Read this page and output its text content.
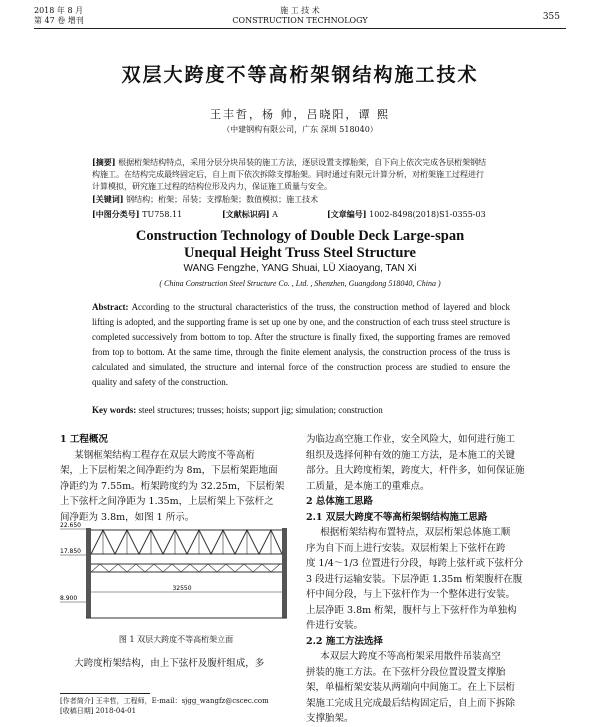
2018 年 8 月
第 47 卷 增刊
施 工 技 术
CONSTRUCTION TECHNOLOGY	355
双层大跨度不等高桁架钢结构施工技术
王丰哲，杨 帅，吕晓阳，谭 熙
（中建钢构有限公司，广东 深圳 518040）
[摘要] 根据桁架结构特点，采用分层分块吊装的施工方法，逐层设置支撑胎架，自下向上依次完成各层桁架钢结
构施工。在结构完成最终固定后，自上而下依次拆除支撑胎架。同时通过有限元计算分析，对桁架施工过程进行
计算模拟，研究施工过程的结构位形及内力，保证施工质量与安全。
[关键词] 钢结构；桁架；吊装；支撑胎架；数值模拟；施工技术
[中图分类号] TU758.11	[文献标识码] A	[文章编号] 1002-8498(2018)S1-0355-03
Construction Technology of Double Deck Large-span
Unequal Height Truss Steel Structure
WANG Fengzhe, YANG Shuai, LÜ Xiaoyang, TAN Xi
( China Construction Steel Structure Co. , Ltd. , Shenzhen, Guangdong 518040, China )
Abstract: According to the structural characteristics of the truss, the construction method of layered and block lifting is adopted, and the supporting frame is set up one by one, and the construction of each truss steel structure is completed successively from bottom to top. After the structure is finally fixed, the supporting frames are removed from top to bottom. At the same time, through the finite element analysis, the construction process of the truss is calculated and simulated, the structure and internal force of the construction process are studied to ensure the quality and safety of the construction.
Key words: steel structures; trusses; hoists; support jig; simulation; construction

1 工程概况

某钢框架结构工程存在双层大跨度不等高桁

架，上下层桁架之间净距约为 8m，下层桁架距地面

净距约为 7.55m。桁架跨度约为 32.25m，下层桁架

上下弦杆之间净距为 1.35m，上层桁架上下弦杆之

间净距为 3.8m，如图 1 所示。

22.650
17.850
8.900
32550
图 1 双层大跨度不等高桁架立面

大跨度桁架结构，由上下弦杆及腹杆组成，多

为临边高空施工作业，安全风险大，如何进行施工

组织及选择何种有效的施工方法，是本施工的关键

部分。且大跨度桁架，跨度大，杆件多，如何保证施

工质量，是本施工的重难点。

2 总体施工思路

2.1 双层大跨度不等高桁架钢结构施工思路

根据桁架结构布置特点，双层桁架总体施工顺

序为自下而上进行安装。双层桁架上下弦杆在跨

度 1/4～1/3 位置进行分段，每跨上弦杆或下弦杆分

3 段进行运输安装。下层净距 1.35m 桁架腹杆在腹

杆中间分段，与上下弦杆作为一个整体进行安装。

上层净距 3.8m 桁架，腹杆与上下弦杆作为单独构

件进行安装。

2.2 施工方法选择

本双层大跨度不等高桁架采用散件吊装高空

拼装的施工方法。在下弦杆分段位置设置支撑胎

架，单榀桁架安装从两端向中间施工。在上下层桁

架施工完成且完成最后结构固定后，自上而下拆除

支撑胎架。

[作者简介] 王丰哲，工程师，E-mail：sjgg_wangfz@cscec.com
[收稿日期] 2018-04-01
